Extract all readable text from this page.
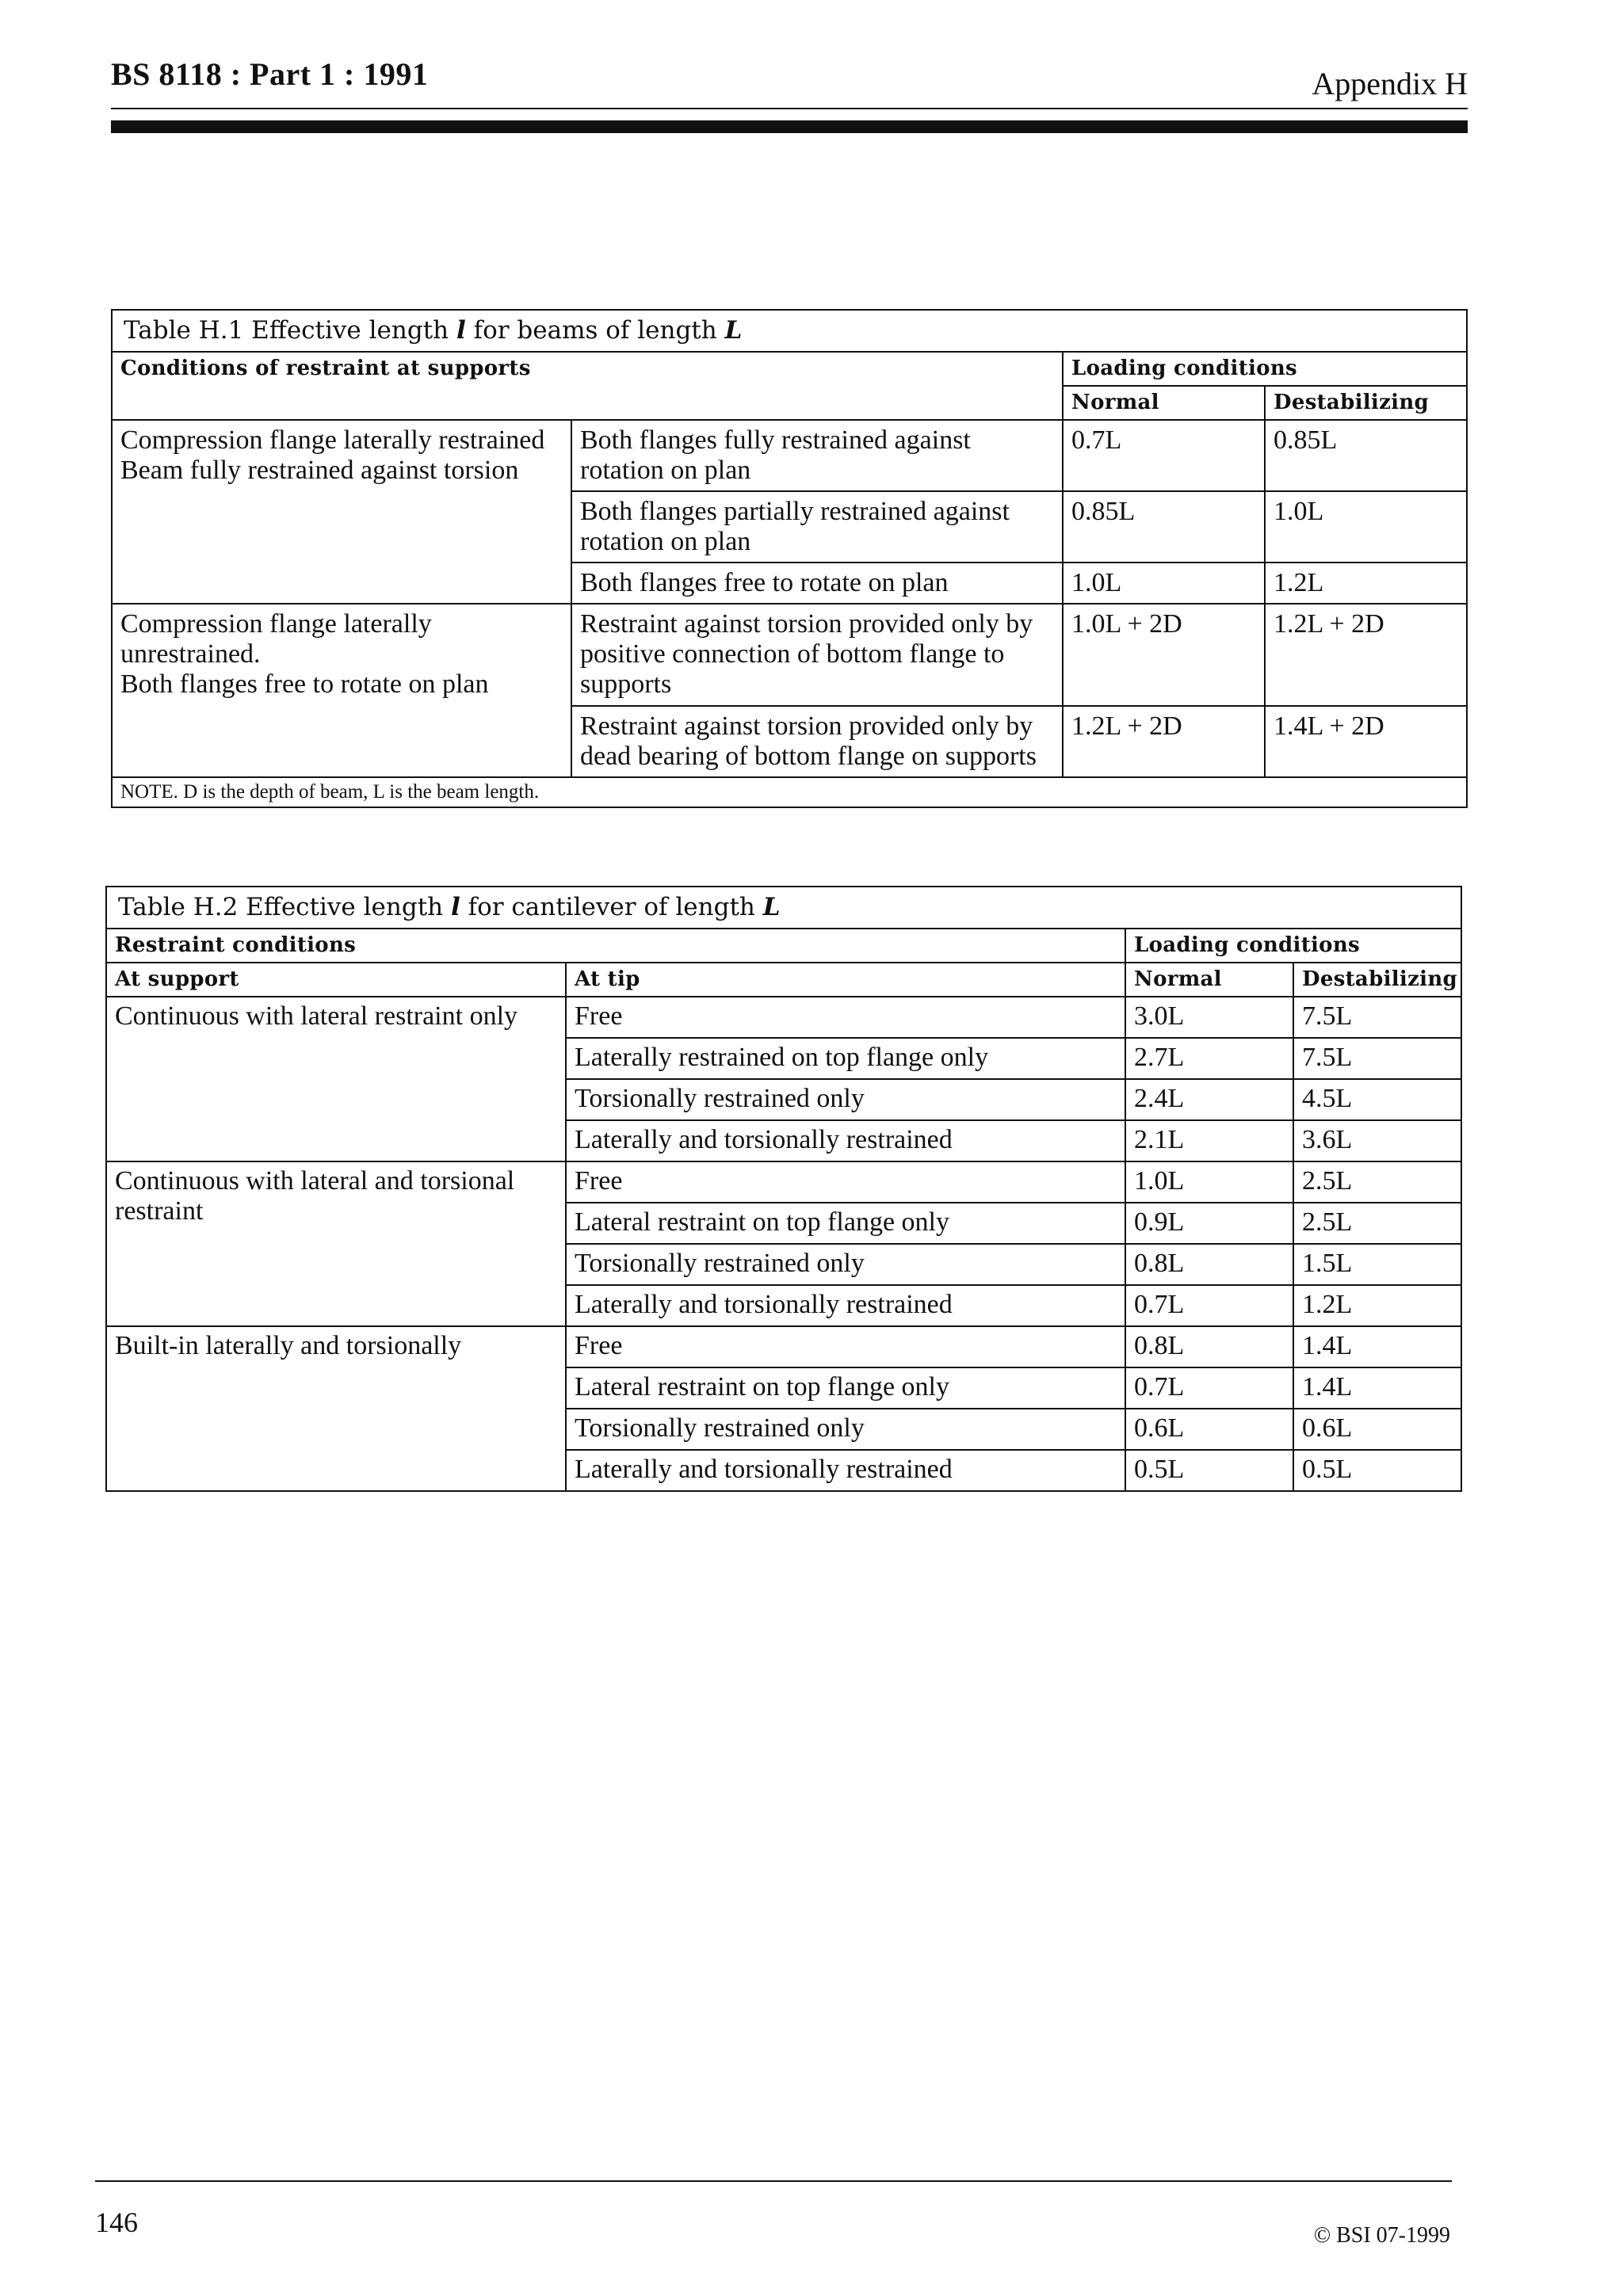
BS 8118 : Part 1 : 1991	Appendix H
Table H.1 Effective length l for beams of length L			
Conditions of restraint at supports		Loading conditions	
		Normal	Destabilizing
Compression flange laterally restrained
Beam fully restrained against torsion	Both flanges fully restrained against rotation on plan	0.7L	0.85L
	Both flanges partially restrained against rotation on plan	0.85L	1.0L
	Both flanges free to rotate on plan	1.0L	1.2L
Compression flange laterally unrestrained.
Both flanges free to rotate on plan	Restraint against torsion provided only by positive connection of bottom flange to supports	1.0L + 2D	1.2L + 2D
	Restraint against torsion provided only by dead bearing of bottom flange on supports	1.2L + 2D	1.4L + 2D
NOTE. D is the depth of beam, L is the beam length.			
Table H.2 Effective length l for cantilever of length L			
Restraint conditions		Loading conditions	
At support	At tip	Normal	Destabilizing
Continuous with lateral restraint only	Free	3.0L	7.5L
	Laterally restrained on top flange only	2.7L	7.5L
	Torsionally restrained only	2.4L	4.5L
	Laterally and torsionally restrained	2.1L	3.6L
Continuous with lateral and torsional restraint	Free	1.0L	2.5L
	Lateral restraint on top flange only	0.9L	2.5L
	Torsionally restrained only	0.8L	1.5L
	Laterally and torsionally restrained	0.7L	1.2L
Built-in laterally and torsionally	Free	0.8L	1.4L
	Lateral restraint on top flange only	0.7L	1.4L
	Torsionally restrained only	0.6L	0.6L
	Laterally and torsionally restrained	0.5L	0.5L
146	© BSI 07-1999
